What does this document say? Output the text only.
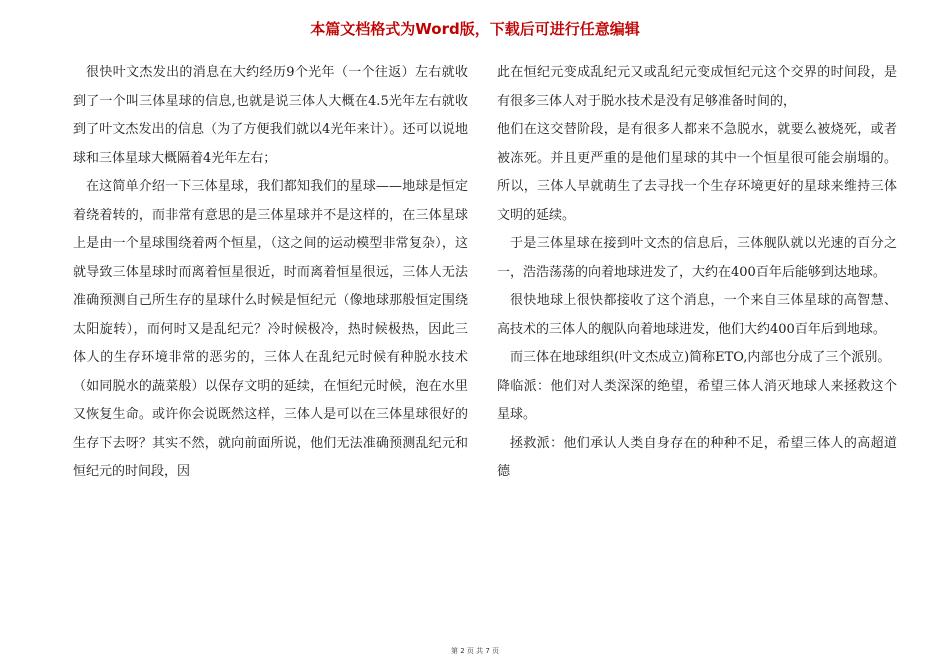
本篇文档格式为Word版，下载后可进行任意编辑

很快叶文杰发出的消息在大约经历9个光年（一个往返）左右就收到了一个叫三体星球的信息,也就是说三体人大概在4.5光年左右就收到了叶文杰发出的信息（为了方便我们就以4光年来计）。还可以说地球和三体星球大概隔着4光年左右；

在这简单介绍一下三体星球，我们都知我们的星球——地球是恒定着绕着转的，而非常有意思的是三体星球并不是这样的，在三体星球上是由一个星球围绕着两个恒星，（这之间的运动模型非常复杂），这就导致三体星球时而离着恒星很近，时而离着恒星很远，三体人无法准确预测自己所生存的星球什么时候是恒纪元（像地球那般恒定围绕太阳旋转），而何时又是乱纪元？冷时候极冷，热时候极热，因此三体人的生存环境非常的恶劣的，三体人在乱纪元时候有种脱水技术（如同脱水的蔬菜般）以保存文明的延续，在恒纪元时候，泡在水里又恢复生命。或许你会说既然这样，三体人是可以在三体星球很好的生存下去呀？其实不然，就向前面所说，他们无法准确预测乱纪元和恒纪元的时间段，因

此在恒纪元变成乱纪元又或乱纪元变成恒纪元这个交界的时间段，是有很多三体人对于脱水技术是没有足够准备时间的，

他们在这交替阶段，是有很多人都来不急脱水，就要么被烧死，或者被冻死。并且更严重的是他们星球的其中一个恒星很可能会崩塌的。所以，三体人早就萌生了去寻找一个生存环境更好的星球来维持三体文明的延续。

于是三体星球在接到叶文杰的信息后，三体舰队就以光速的百分之一，浩浩荡荡的向着地球进发了，大约在400百年后能够到达地球。

很快地球上很快都接收了这个消息，一个来自三体星球的高智慧、高技术的三体人的舰队向着地球进发，他们大约400百年后到地球。

而三体在地球组织(叶文杰成立)简称ETO,内部也分成了三个派别。

降临派：他们对人类深深的绝望，希望三体人消灭地球人来拯救这个星球。

拯救派：他们承认人类自身存在的种种不足，希望三体人的高超道德

第 2 页 共 7 页
